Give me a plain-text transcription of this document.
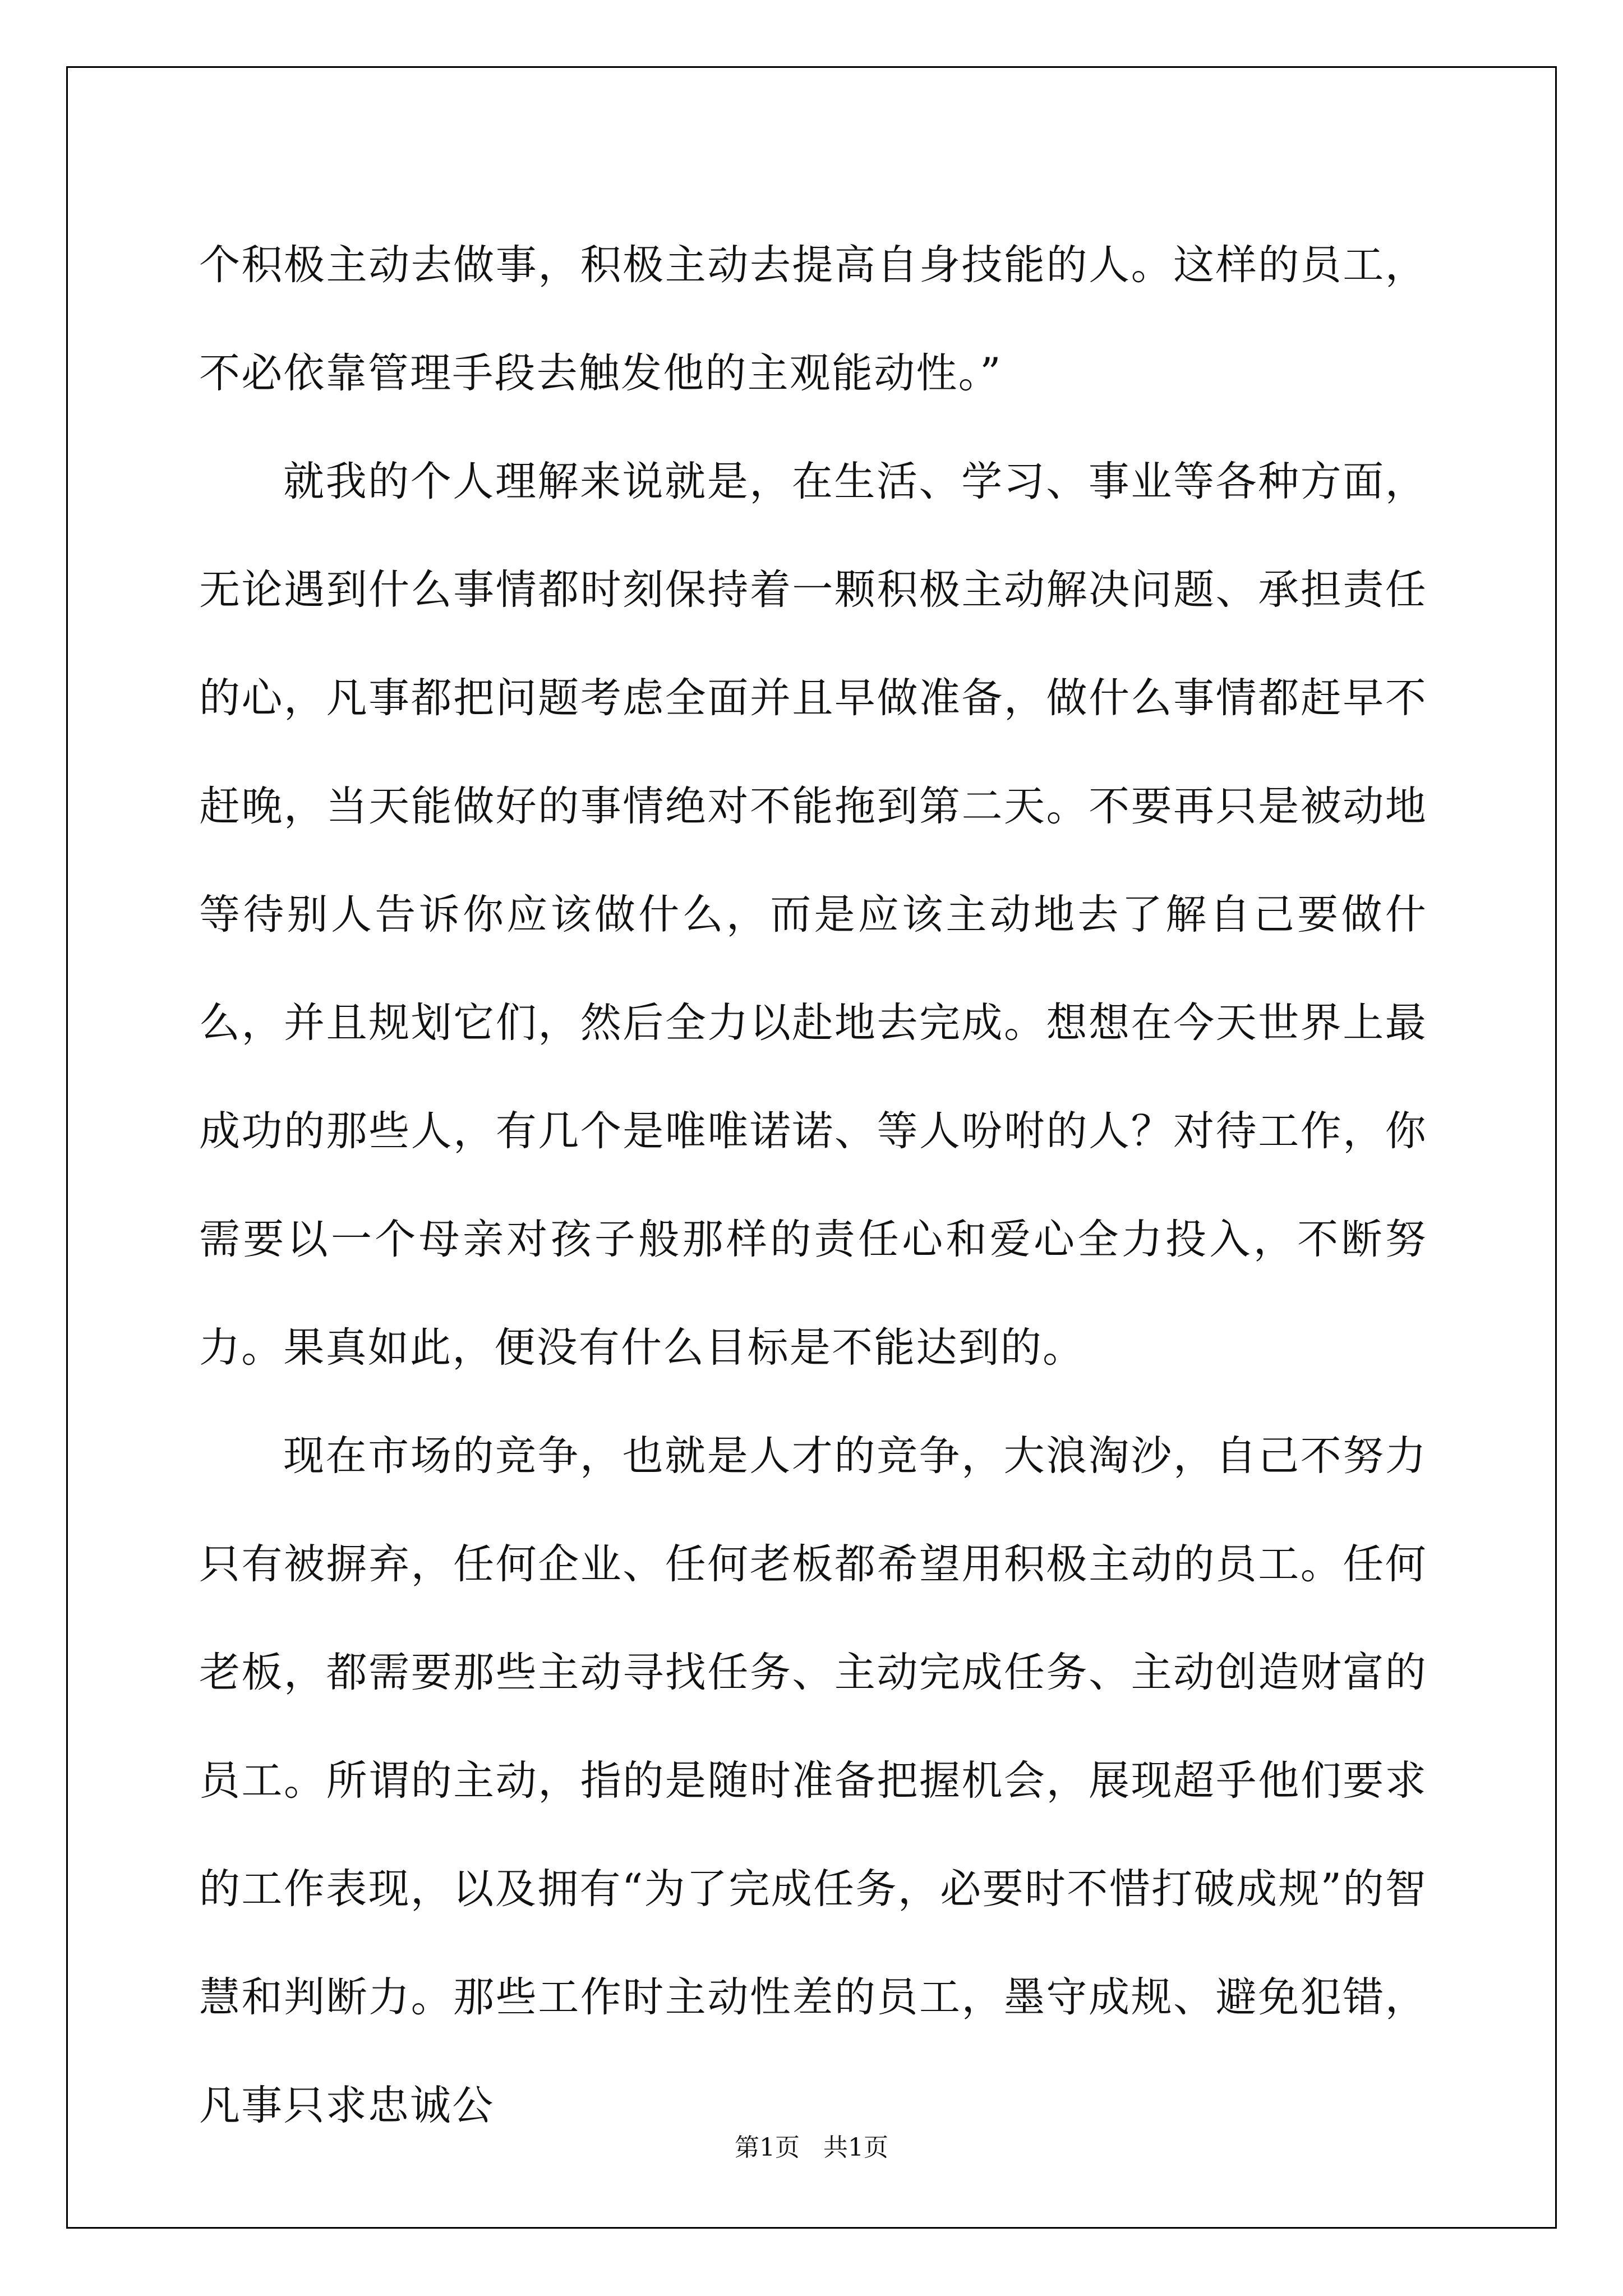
个积极主动去做事，积极主动去提高自身技能的人。这样的员工，不必依靠管理手段去触发他的主观能动性。”

就我的个人理解来说就是，在生活、学习、事业等各种方面，无论遇到什么事情都时刻保持着一颗积极主动解决问题、承担责任的心，凡事都把问题考虑全面并且早做准备，做什么事情都赶早不赶晚，当天能做好的事情绝对不能拖到第二天。不要再只是被动地等待别人告诉你应该做什么，而是应该主动地去了解自己要做什么，并且规划它们，然后全力以赴地去完成。想想在今天世界上最成功的那些人，有几个是唯唯诺诺、等人吩咐的人？对待工作，你需要以一个母亲对孩子般那样的责任心和爱心全力投入，不断努力。果真如此，便没有什么目标是不能达到的。

现在市场的竞争，也就是人才的竞争，大浪淘沙，自己不努力只有被摒弃，任何企业、任何老板都希望用积极主动的员工。任何老板，都需要那些主动寻找任务、主动完成任务、主动创造财富的员工。所谓的主动，指的是随时准备把握机会，展现超乎他们要求的工作表现，以及拥有“为了完成任务，必要时不惜打破成规”的智慧和判断力。那些工作时主动性差的员工，墨守成规、避免犯错，凡事只求忠诚公

第1页 共1页
